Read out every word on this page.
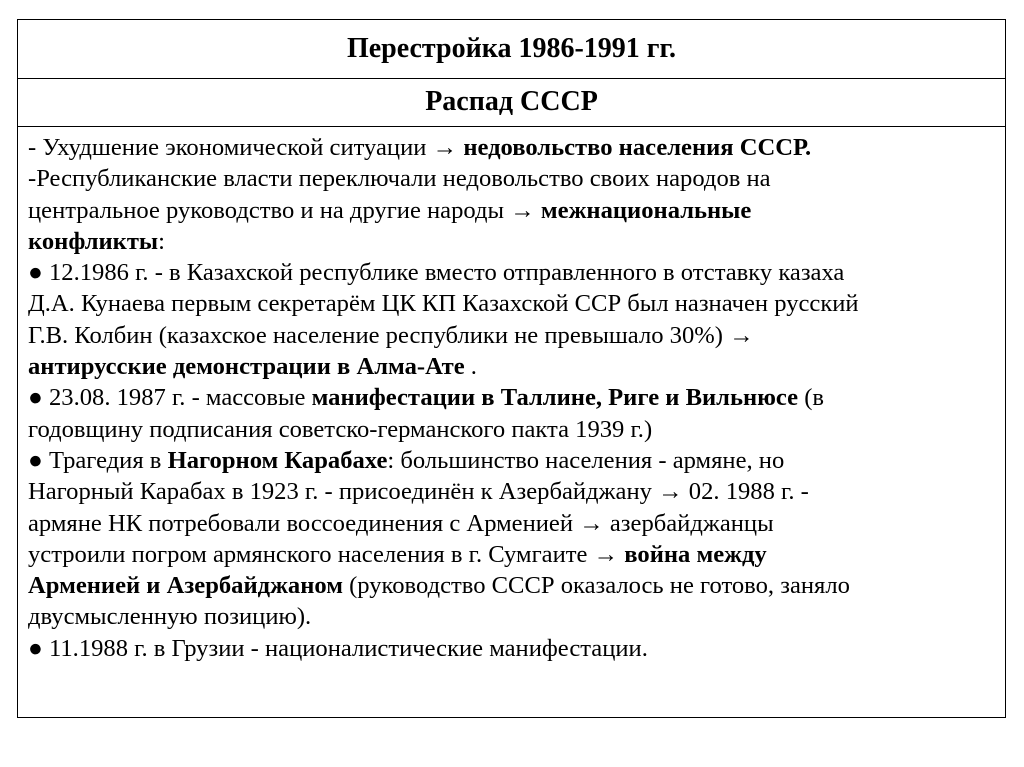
Перестройка 1986-1991 гг.
Распад СССР
- Ухудшение экономической ситуации → недовольство населения СССР.
-Республиканские власти переключали недовольство своих народов на
центральное руководство и на другие народы → межнациональные
конфликты:
● 12.1986 г. - в Казахской республике вместо отправленного в отставку казаха
Д.А. Кунаева первым секретарём ЦК КП Казахской ССР был назначен русский
Г.В. Колбин (казахское население республики не превышало 30%) →
антирусские демонстрации в Алма-Ате .
● 23.08. 1987 г. - массовые манифестации в Таллине, Риге и Вильнюсе (в
годовщину подписания советско-германского пакта 1939 г.)
● Трагедия в Нагорном Карабахе: большинство населения - армяне, но
Нагорный Карабах в 1923 г. - присоединён к Азербайджану → 02. 1988 г. -
армяне НК потребовали воссоединения с Арменией → азербайджанцы
устроили погром армянского населения в г. Сумгаите → война между
Арменией и Азербайджаном (руководство СССР оказалось не готово, заняло
двусмысленную позицию).
● 11.1988 г. в Грузии - националистические манифестации.
